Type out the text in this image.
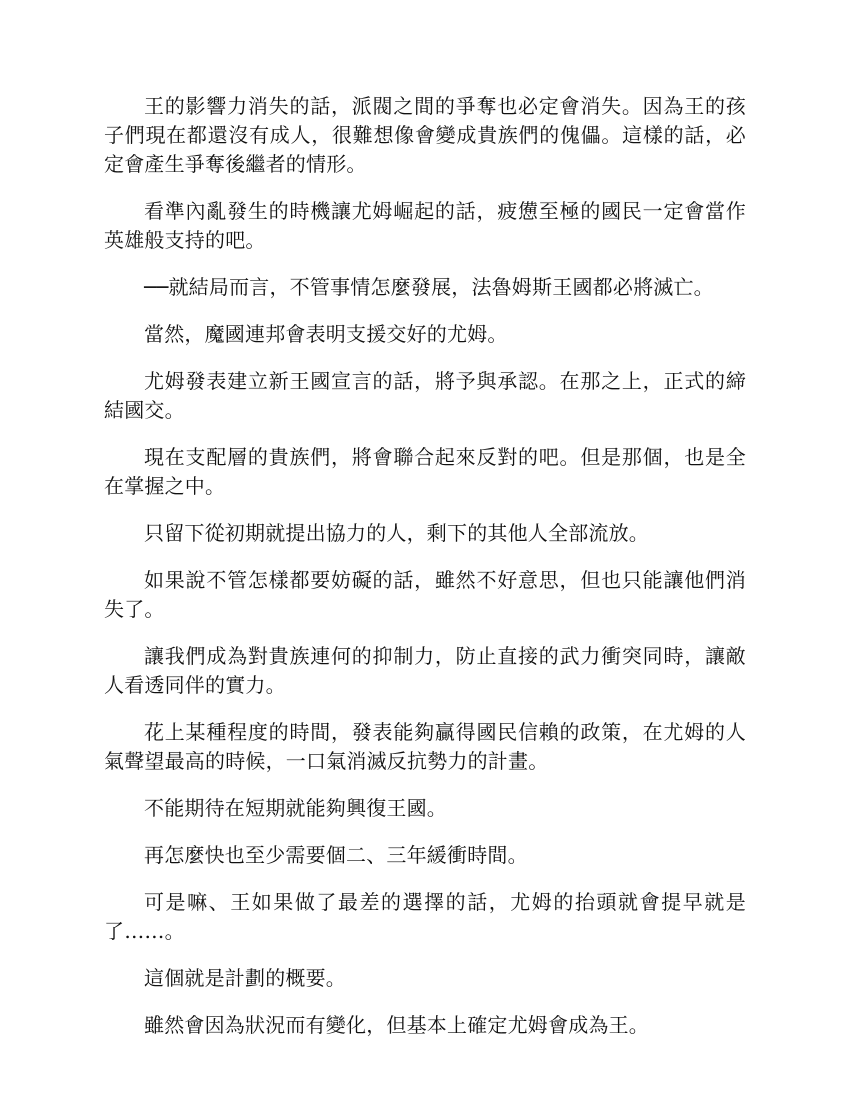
王的影響力消失的話，派閥之間的爭奪也必定會消失。因為王的孩子們現在都還沒有成人，很難想像會變成貴族們的傀儡。這樣的話，必定會產生爭奪後繼者的情形。

看準內亂發生的時機讓尤姆崛起的話，疲憊至極的國民一定會當作英雄般支持的吧。

──就結局而言，不管事情怎麼發展，法魯姆斯王國都必將滅亡。

當然，魔國連邦會表明支援交好的尤姆。

尤姆發表建立新王國宣言的話，將予與承認。在那之上，正式的締結國交。

現在支配層的貴族們，將會聯合起來反對的吧。但是那個，也是全在掌握之中。

只留下從初期就提出協力的人，剩下的其他人全部流放。

如果說不管怎樣都要妨礙的話，雖然不好意思，但也只能讓他們消失了。

讓我們成為對貴族連何的抑制力，防止直接的武力衝突同時，讓敵人看透同伴的實力。

花上某種程度的時間，發表能夠贏得國民信賴的政策，在尤姆的人氣聲望最高的時候，一口氣消滅反抗勢力的計畫。

不能期待在短期就能夠興復王國。

再怎麼快也至少需要個二、三年緩衝時間。

可是嘛、王如果做了最差的選擇的話，尤姆的抬頭就會提早就是了……。

這個就是計劃的概要。

雖然會因為狀況而有變化，但基本上確定尤姆會成為王。
